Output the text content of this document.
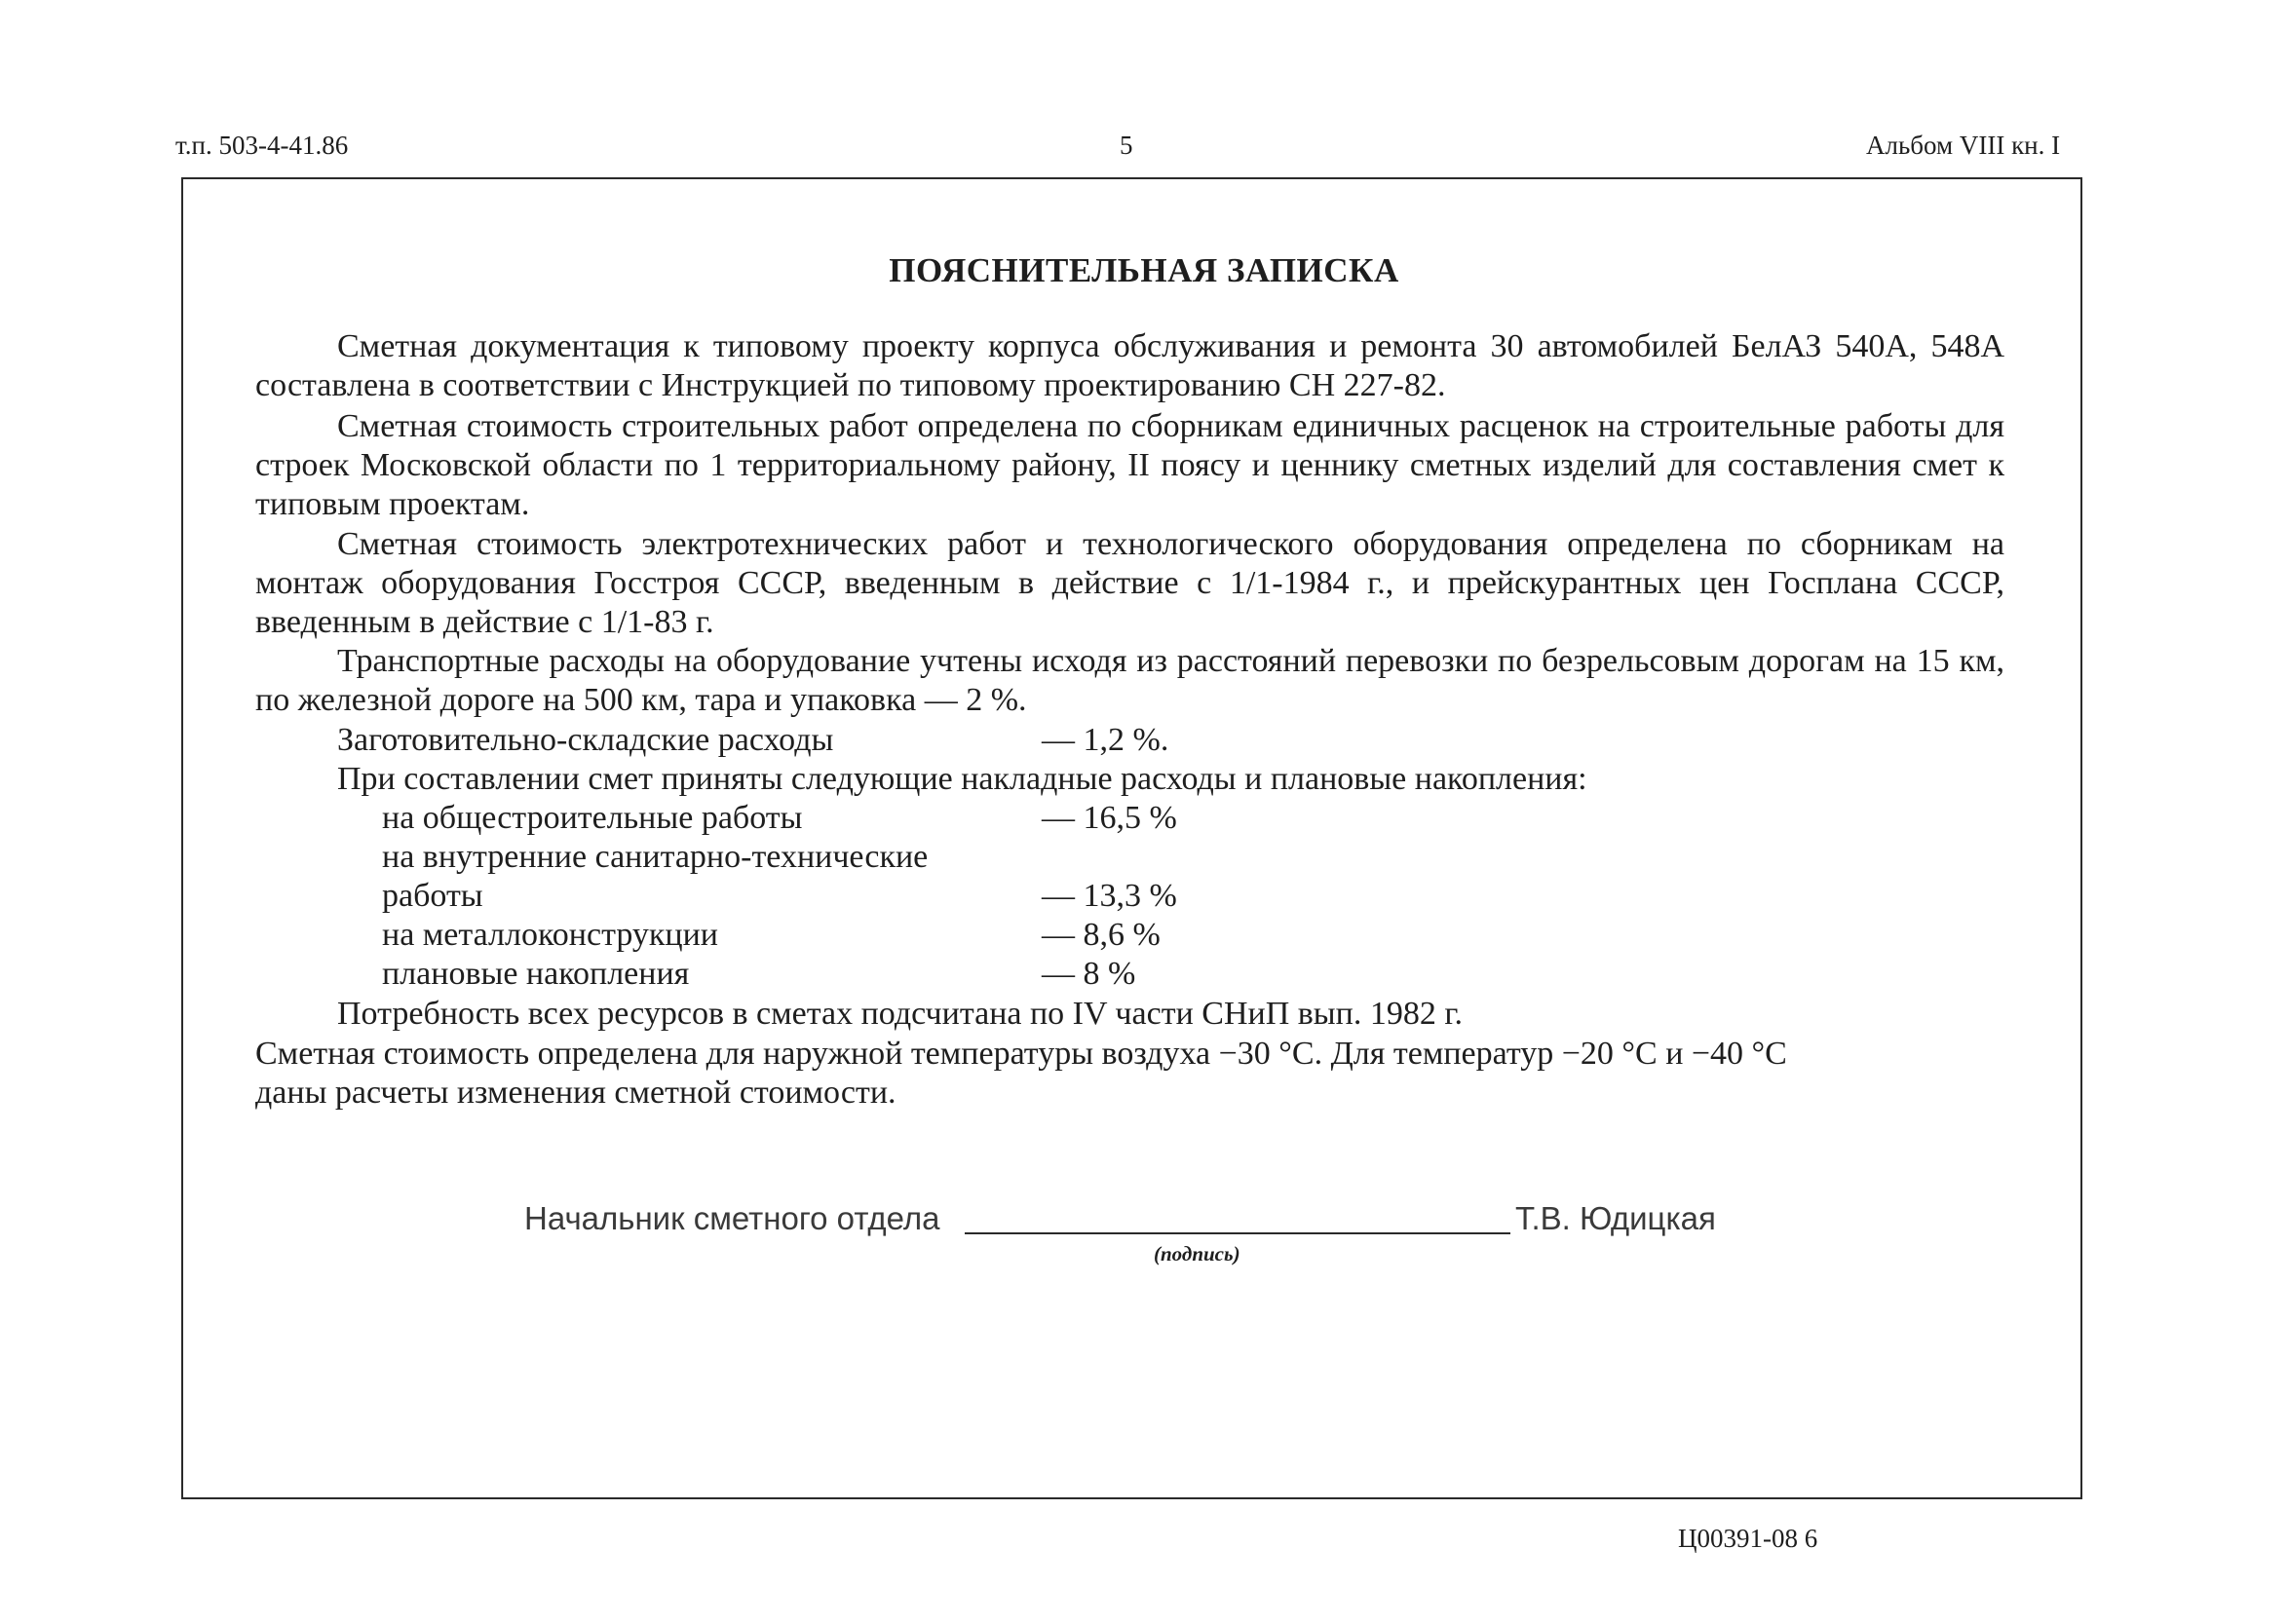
т.п. 503-4-41.86	5	Альбом VIII кн. I
ПОЯСНИТЕЛЬНАЯ ЗАПИСКА
Сметная документация к типовому проекту корпуса обслуживания и ремонта 30 автомобилей БелАЗ 540А, 548А составлена в соответствии с Инструкцией по типовому проектированию СН 227-82.
Сметная стоимость строительных работ определена по сборникам единичных расценок на строительные работы для строек Московской области по 1 территориальному району, II поясу и ценнику сметных изделий для составления смет к типовым проектам.
Сметная стоимость электротехнических работ и технологического оборудования определена по сборникам на монтаж оборудования Госстроя СССР, введенным в действие с 1/1-1984 г., и прейскурантных цен Госплана СССР, введенным в действие с 1/1-83 г.
Транспортные расходы на оборудование учтены исходя из расстояний перевозки по безрельсовым дорогам на 15 км, по железной дороге на 500 км, тара и упаковка — 2 %.
Заготовительно-складские расходы	— 1,2 %.
При составлении смет приняты следующие накладные расходы и плановые накопления:
на общестроительные работы	— 16,5 %
на внутренние санитарно-технические
работы	— 13,3 %
на металлоконструкции	— 8,6 %
плановые накопления	— 8 %
Потребность всех ресурсов в сметах подсчитана по IV части СНиП вып. 1982 г.
Сметная стоимость определена для наружной температуры воздуха −30 °С. Для температур −20 °С и −40 °С
даны расчеты изменения сметной стоимости.
Начальник сметного отдела	Т.В. Юдицкая
(подпись)
Ц00391-08 6
